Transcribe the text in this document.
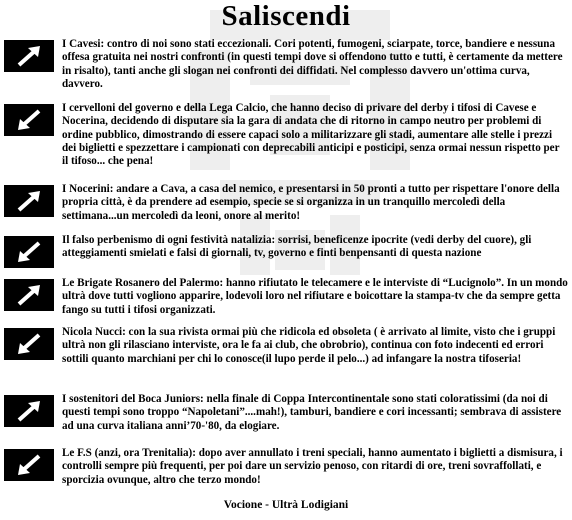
Saliscendi
I Cavesi: contro di noi sono stati eccezionali. Cori potenti, fumogeni, sciarpate, torce, bandiere e nessuna offesa gratuita nei nostri confronti (in questi tempi dove si offendono tutto e tutti, è certamente da mettere in risalto), tanti anche gli slogan nei confronti dei diffidati. Nel complesso davvero un'ottima curva, davvero.
I cervelloni del governo e della Lega Calcio, che hanno deciso di privare del derby i tifosi di Cavese e Nocerina, decidendo di disputare sia la gara di andata che di ritorno in campo neutro per problemi di ordine pubblico, dimostrando di essere capaci solo a militarizzare gli stadi, aumentare alle stelle i prezzi dei biglietti e spezzettare i campionati con deprecabili anticipi e posticipi, senza ormai nessun rispetto per il tifoso... che pena!
I Nocerini: andare a Cava, a casa del nemico, e presentarsi in 50 pronti a tutto per rispettare l'onore della propria città, è da prendere ad esempio, specie se si organizza in un tranquillo mercoledì della settimana...un mercoledì da leoni, onore al merito!
Il falso perbenismo di ogni festività natalizia: sorrisi, beneficenze ipocrite (vedi derby del cuore), gli atteggiamenti smielati e falsi di giornali, tv, governo e finti benpensanti di questa nazione
Le Brigate Rosanero del Palermo: hanno rifiutato le telecamere e le interviste di “Lucignolo”. In un mondo ultrà dove tutti vogliono apparire, lodevoli loro nel rifiutare e boicottare la stampa-tv che da sempre getta fango su tutti i tifosi organizzati.
Nicola Nucci: con la sua rivista ormai più che ridicola ed obsoleta ( è arrivato al limite, visto che i gruppi ultrà non gli rilasciano interviste, ora le fa ai club, che obrobrio), continua con foto indecenti ed errori sottili quanto marchiani per chi lo conosce(il lupo perde il pelo...) ad infangare la nostra tifoseria!
I sostenitori del Boca Juniors: nella finale di Coppa Intercontinentale sono stati coloratissimi (da noi di questi tempi sono troppo “Napoletani”....mah!), tamburi, bandiere e cori incessanti; sembrava di assistere ad una curva italiana anni’70-'80, da elogiare.
Le F.S (anzi, ora Trenitalia): dopo aver annullato i treni speciali, hanno aumentato i biglietti a dismisura, i controlli sempre più frequenti, per poi dare un servizio penoso, con ritardi di ore, treni sovraffollati, e sporcizia ovunque, altro che terzo mondo!
Vocione - Ultrà Lodigiani
